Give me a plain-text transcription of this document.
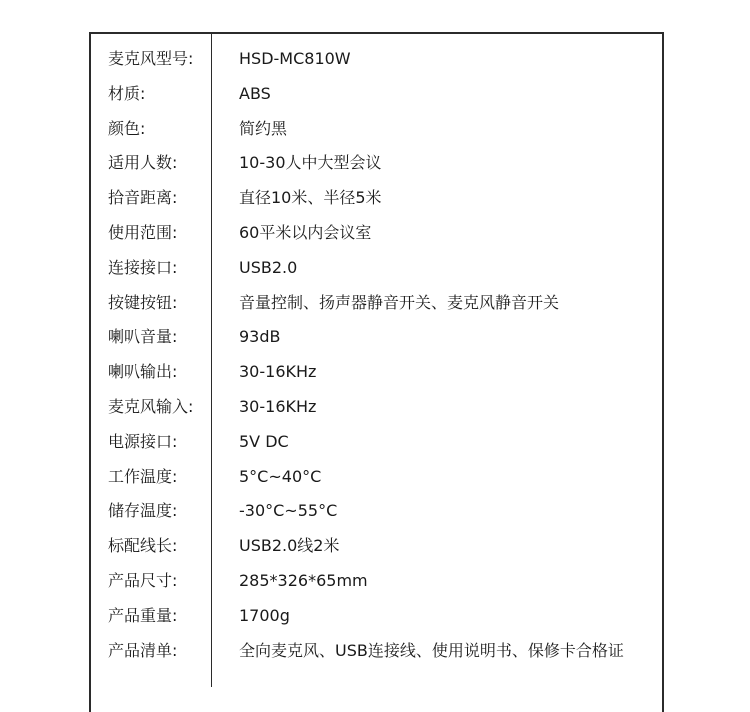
麦克风型号:	HSD-MC810W
材质:	ABS
颜色:	简约黑
适用人数:	10-30人中大型会议
拾音距离:	直径10米、半径5米
使用范围:	60平米以内会议室
连接接口:	USB2.0
按键按钮:	音量控制、扬声器静音开关、麦克风静音开关
喇叭音量:	93dB
喇叭输出:	30-16KHz
麦克风输入:	30-16KHz
电源接口:	5V DC
工作温度:	5°C~40°C
储存温度:	-30°C~55°C
标配线长:	USB2.0线2米
产品尺寸:	285*326*65mm
产品重量:	1700g
产品清单:	全向麦克风、USB连接线、使用说明书、保修卡合格证
